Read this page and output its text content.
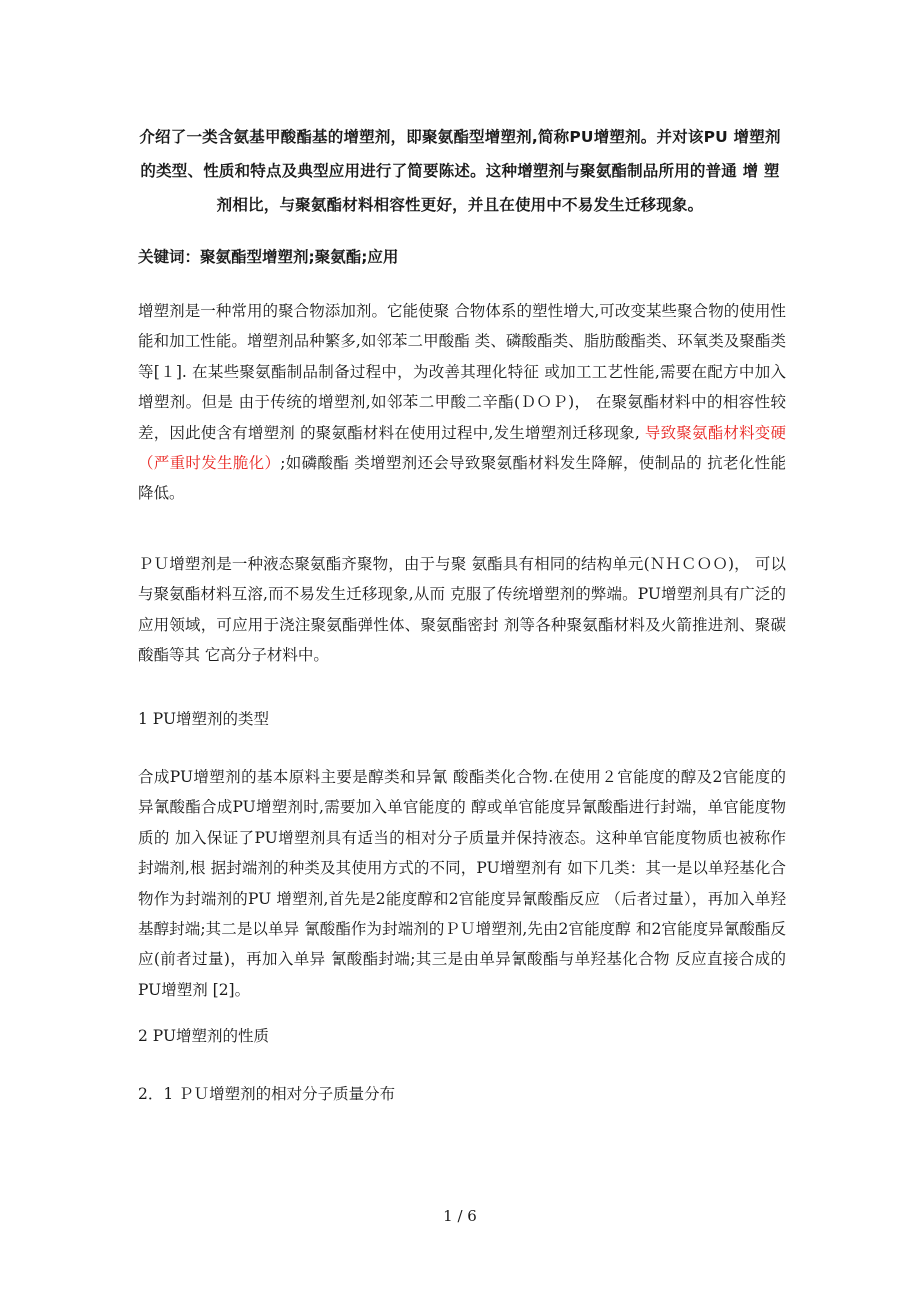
介绍了一类含氨基甲酸酯基的增塑剂，即聚氨酯型增塑剂,简称PU增塑剂。并对该PU 增塑剂的类型、性质和特点及典型应用进行了简要陈述。这种增塑剂与聚氨酯制品所用的普通 增 塑剂相比，与聚氨酯材料相容性更好，并且在使用中不易发生迁移现象。
关键词：聚氨酯型增塑剂;聚氨酯;应用

增塑剂是一种常用的聚合物添加剂。它能使聚 合物体系的塑性增大,可改变某些聚合物的使用性 能和加工性能。增塑剂品种繁多,如邻苯二甲酸酯 类、磷酸酯类、脂肪酸酯类、环氧类及聚酯类等[１]. 在某些聚氨酯制品制备过程中，为改善其理化特征 或加工工艺性能,需要在配方中加入增塑剂。但是 由于传统的增塑剂,如邻苯二甲酸二辛酯(ＤＯＰ)， 在聚氨酯材料中的相容性较差，因此使含有增塑剂 的聚氨酯材料在使用过程中,发生增塑剂迁移现象, 导致聚氨酯材料变硬（严重时发生脆化）;如磷酸酯 类增塑剂还会导致聚氨酯材料发生降解，使制品的 抗老化性能降低。

ＰＵ增塑剂是一种液态聚氨酯齐聚物，由于与聚 氨酯具有相同的结构单元(ＮＨＣＯＯ)， 可以与聚氨酯材料互溶,而不易发生迁移现象,从而 克服了传统增塑剂的弊端。PU增塑剂具有广泛的 应用领域，可应用于浇注聚氨酯弹性体、聚氨酯密封 剂等各种聚氨酯材料及火箭推进剂、聚碳酸酯等其 它高分子材料中。

1 PU增塑剂的类型

合成PU增塑剂的基本原料主要是醇类和异氰 酸酯类化合物.在使用２官能度的醇及2官能度的 异氰酸酯合成PU增塑剂时,需要加入单官能度的 醇或单官能度异氰酸酯进行封端，单官能度物质的 加入保证了PU增塑剂具有适当的相对分子质量并保持液态。这种单官能度物质也被称作封端剂,根 据封端剂的种类及其使用方式的不同，PU增塑剂有 如下几类：其一是以单羟基化合物作为封端剂的PU 增塑剂,首先是2能度醇和2官能度异氰酸酯反应 （后者过量），再加入单羟基醇封端;其二是以单异 氰酸酯作为封端剂的ＰＵ增塑剂,先由2官能度醇 和2官能度异氰酸酯反应(前者过量)，再加入单异 氰酸酯封端;其三是由单异氰酸酯与单羟基化合物 反应直接合成的PU增塑剂 [2]。

2 PU增塑剂的性质
2．1 ＰＵ增塑剂的相对分子质量分布
1 / 6
